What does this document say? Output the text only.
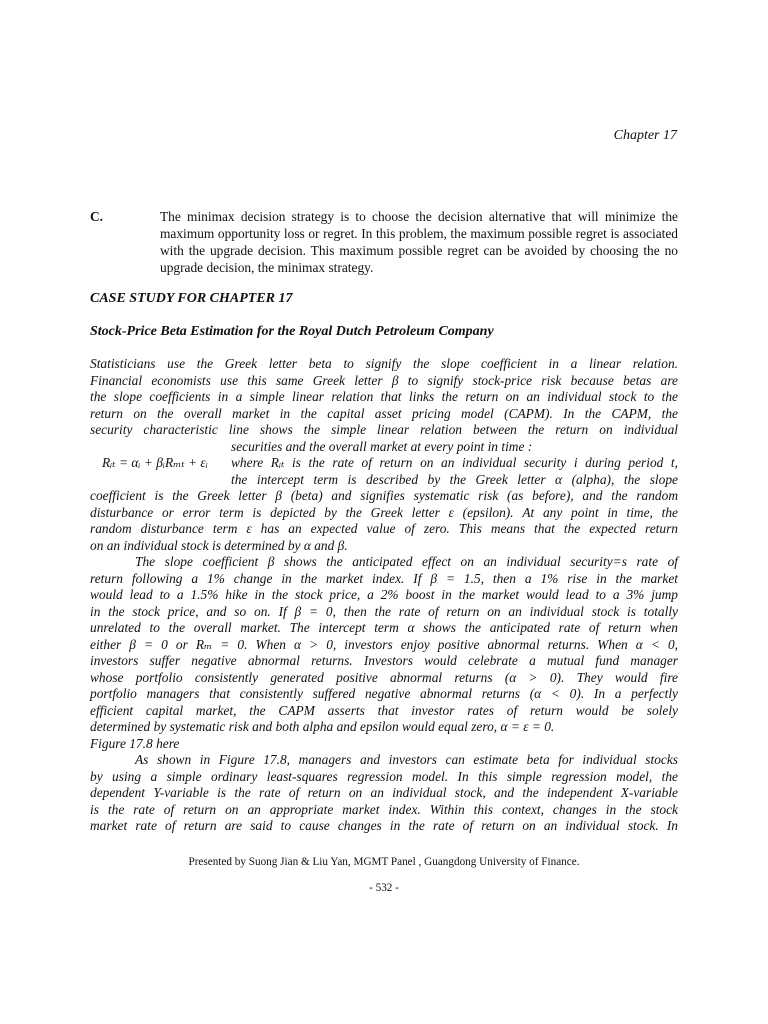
Chapter 17
C.	The minimax decision strategy is to choose the decision alternative that will minimize the maximum opportunity loss or regret. In this problem, the maximum possible regret is associated with the upgrade decision. This maximum possible regret can be avoided by choosing the no upgrade decision, the minimax strategy.
CASE STUDY FOR CHAPTER 17
Stock-Price Beta Estimation for the Royal Dutch Petroleum Company
Statisticians use the Greek letter beta to signify the slope coefficient in a linear relation.
Financial economists use this same Greek letter β to signify stock-price risk because betas are
the slope coefficients in a simple linear relation that links the return on an individual stock to the
return on the overall market in the capital asset pricing model (CAPM). In the CAPM, the
security characteristic line shows the simple linear relation between the return on individual
securities and the overall market at every point in time :
Rᵢₜ = αᵢ + βᵢRₘₜ + εᵢ	where Rᵢₜ is the rate of return on an individual security i during period t,
the intercept term is described by the Greek letter α (alpha), the slope
coefficient is the Greek letter β (beta) and signifies systematic risk (as before), and the random
disturbance or error term is depicted by the Greek letter ε (epsilon). At any point in time, the
random disturbance term ε has an expected value of zero. This means that the expected return
on an individual stock is determined by α and β.
The slope coefficient β shows the anticipated effect on an individual security=s rate of
return following a 1% change in the market index. If β = 1.5, then a 1% rise in the market
would lead to a 1.5% hike in the stock price, a 2% boost in the market would lead to a 3% jump
in the stock price, and so on. If β = 0, then the rate of return on an individual stock is totally
unrelated to the overall market. The intercept term α shows the anticipated rate of return when
either β = 0 or Rₘ = 0. When α > 0, investors enjoy positive abnormal returns. When α < 0,
investors suffer negative abnormal returns. Investors would celebrate a mutual fund manager
whose portfolio consistently generated positive abnormal returns (α > 0). They would fire
portfolio managers that consistently suffered negative abnormal returns (α < 0). In a perfectly
efficient capital market, the CAPM asserts that investor rates of return would be solely
determined by systematic risk and both alpha and epsilon would equal zero, α = ε = 0.
Figure 17.8 here
As shown in Figure 17.8, managers and investors can estimate beta for individual stocks
by using a simple ordinary least-squares regression model. In this simple regression model, the
dependent Y-variable is the rate of return on an individual stock, and the independent X-variable
is the rate of return on an appropriate market index. Within this context, changes in the stock
market rate of return are said to cause changes in the rate of return on an individual stock. In
Presented by Suong Jian & Liu Yan, MGMT Panel , Guangdong University of Finance.
- 532 -
